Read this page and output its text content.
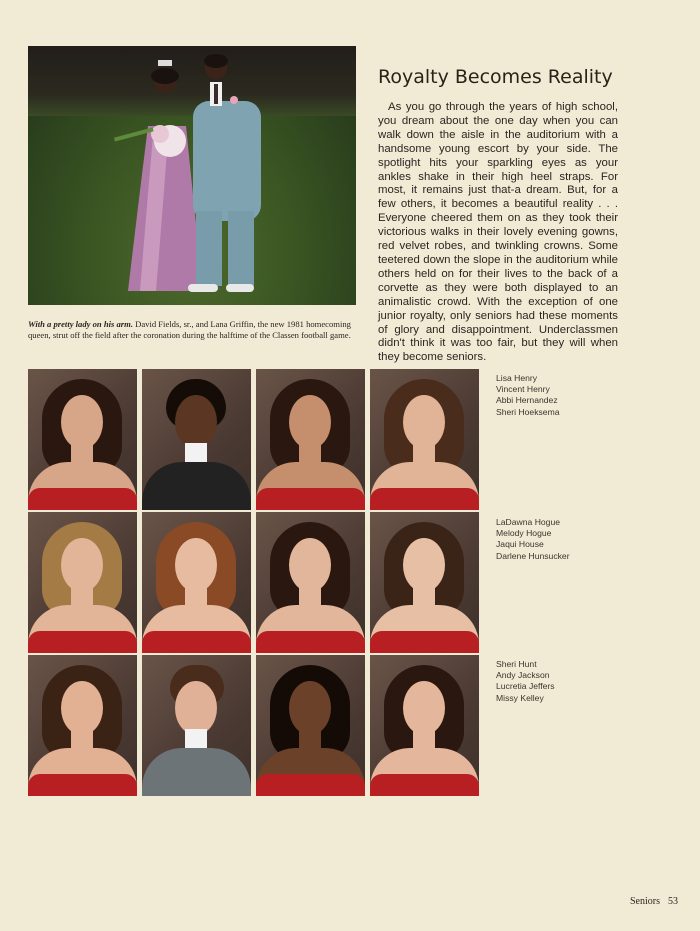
With a pretty lady on his arm. David Fields, sr., and Lana Griffin, the new 1981 homecoming queen, strut off the field after the coronation during the halftime of the Classen football game.
Royalty Becomes Reality

As you go through the years of high school, you dream about the one day when you can walk down the aisle in the auditorium with a handsome young escort by your side. The spotlight hits your sparkling eyes as your ankles shake in their high heel straps. For most, it remains just that-a dream. But, for a few others, it becomes a beautiful reality . . . Everyone cheered them on as they took their victorious walks in their lovely evening gowns, red velvet robes, and twinkling crowns. Some teetered down the slope in the auditorium while others held on for their lives to the back of a corvette as they were both displayed to an animalistic crowd. With the exception of one junior royalty, only seniors had these moments of glory and disappointment. Underclassmen didn't think it was too fair, but they will when they become seniors.

Lisa Henry
Vincent Henry
Abbi Hernandez
Sheri Hoeksema
LaDawna Hogue
Melody Hogue
Jaqui House
Darlene Hunsucker
Sheri Hunt
Andy Jackson
Lucretia Jeffers
Missy Kelley
Seniors 53
